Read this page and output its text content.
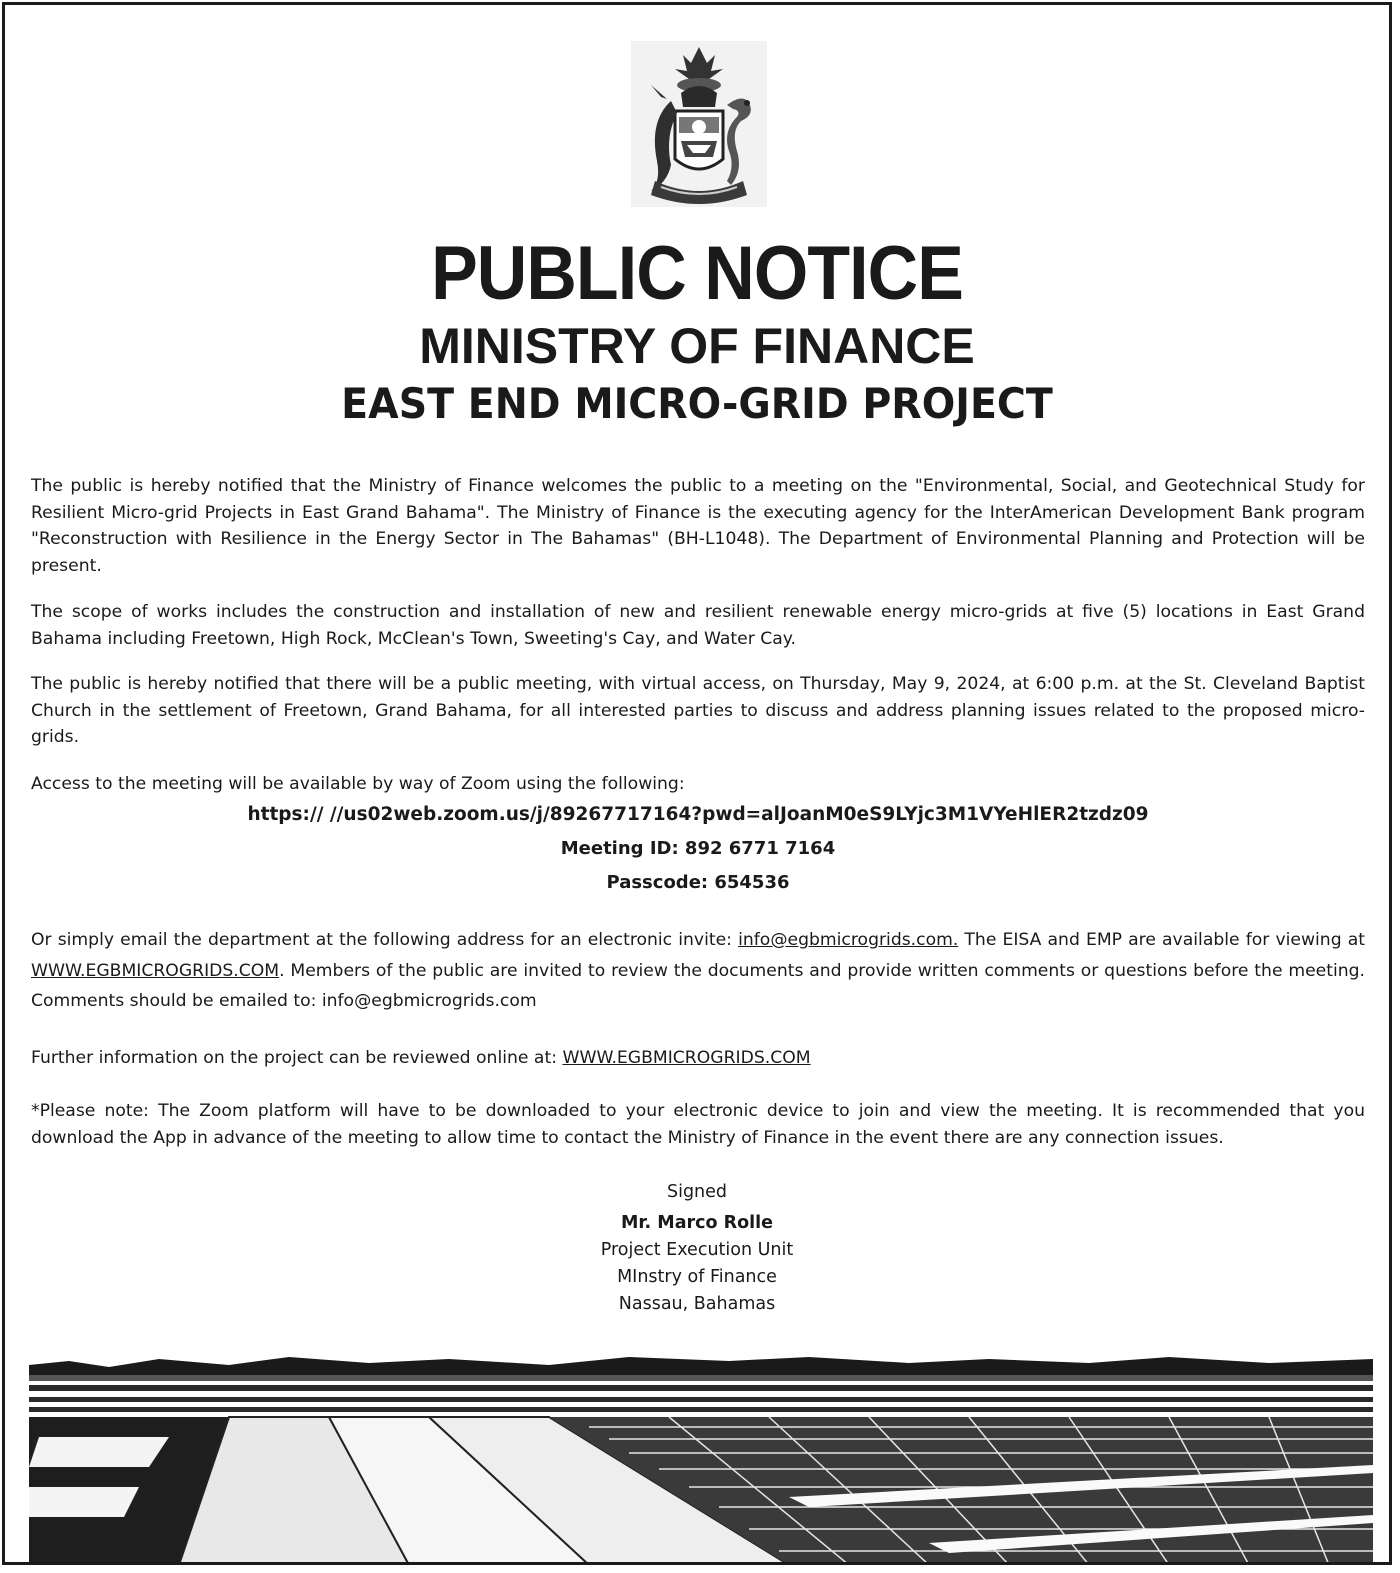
PUBLIC NOTICE
MINISTRY OF FINANCE
EAST END MICRO-GRID PROJECT

The public is hereby notified that the Ministry of Finance welcomes the public to a meeting on the "Environmental, Social, and Geotechnical Study for Resilient Micro-grid Projects in East Grand Bahama". The Ministry of Finance is the executing agency for the InterAmerican Development Bank program "Reconstruction with Resilience in the Energy Sector in The Bahamas" (BH-L1048). The Department of Environmental Planning and Protection will be present.

The scope of works includes the construction and installation of new and resilient renewable energy micro-grids at five (5) locations in East Grand Bahama including Freetown, High Rock, McClean's Town, Sweeting's Cay, and Water Cay.

The public is hereby notified that there will be a public meeting, with virtual access, on Thursday, May 9, 2024, at 6:00 p.m. at the St. Cleveland Baptist Church in the settlement of Freetown, Grand Bahama, for all interested parties to discuss and address planning issues related to the proposed micro-grids.

Access to the meeting will be available by way of Zoom using the following:

https:// //us02web.zoom.us/j/89267717164?pwd=alJoanM0eS9LYjc3M1VYeHlER2tzdz09

Meeting ID: 892 6771 7164

Passcode: 654536

Or simply email the department at the following address for an electronic invite: info@egbmicrogrids.com. The EISA and EMP are available for viewing at WWW.EGBMICROGRIDS.COM. Members of the public are invited to review the documents and provide written comments or questions before the meeting. Comments should be emailed to: info@egbmicrogrids.com

Further information on the project can be reviewed online at: WWW.EGBMICROGRIDS.COM

*Please note: The Zoom platform will have to be downloaded to your electronic device to join and view the meeting. It is recommended that you download the App in advance of the meeting to allow time to contact the Ministry of Finance in the event there are any connection issues.

Signed
Mr. Marco Rolle
Project Execution Unit
MInstry of Finance
Nassau, Bahamas
